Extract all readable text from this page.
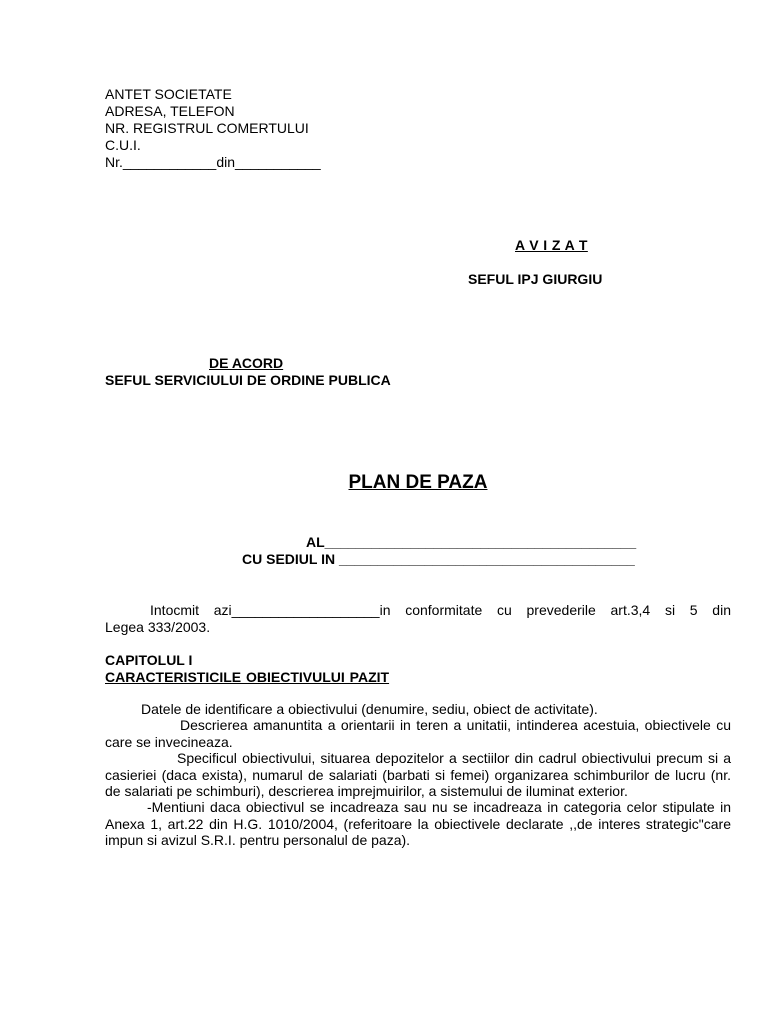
ANTET SOCIETATE
ADRESA, TELEFON
NR. REGISTRUL COMERTULUI
C.U.I.
Nr.____________din___________
A V I Z A T
SEFUL IPJ GIURGIU
DE ACORD
SEFUL SERVICIULUI DE ORDINE PUBLICA
PLAN DE PAZA
AL________________________________________
CU SEDIUL IN ______________________________________
Intocmit azi___________________in conformitate cu prevederile art.3,4 si 5 din
Legea 333/2003.
CAPITOLUL I
CARACTERISTICILE OBIECTIVULUI PAZIT

Datele de identificare a obiectivului (denumire, sediu, obiect de activitate).

Descrierea amanuntita a orientarii in teren a unitatii, intinderea acestuia, obiectivele cu care se invecineaza.

Specificul obiectivului, situarea depozitelor a sectiilor din cadrul obiectivului precum si a casieriei (daca exista), numarul de salariati (barbati si femei) organizarea schimburilor de lucru (nr. de salariati pe schimburi), descrierea imprejmuirilor, a sistemului de iluminat exterior.

-Mentiuni daca obiectivul se incadreaza sau nu se incadreaza in categoria celor stipulate in Anexa 1, art.22 din H.G. 1010/2004, (referitoare la obiectivele declarate ,,de interes strategic"care impun si avizul S.R.I. pentru personalul de paza).
